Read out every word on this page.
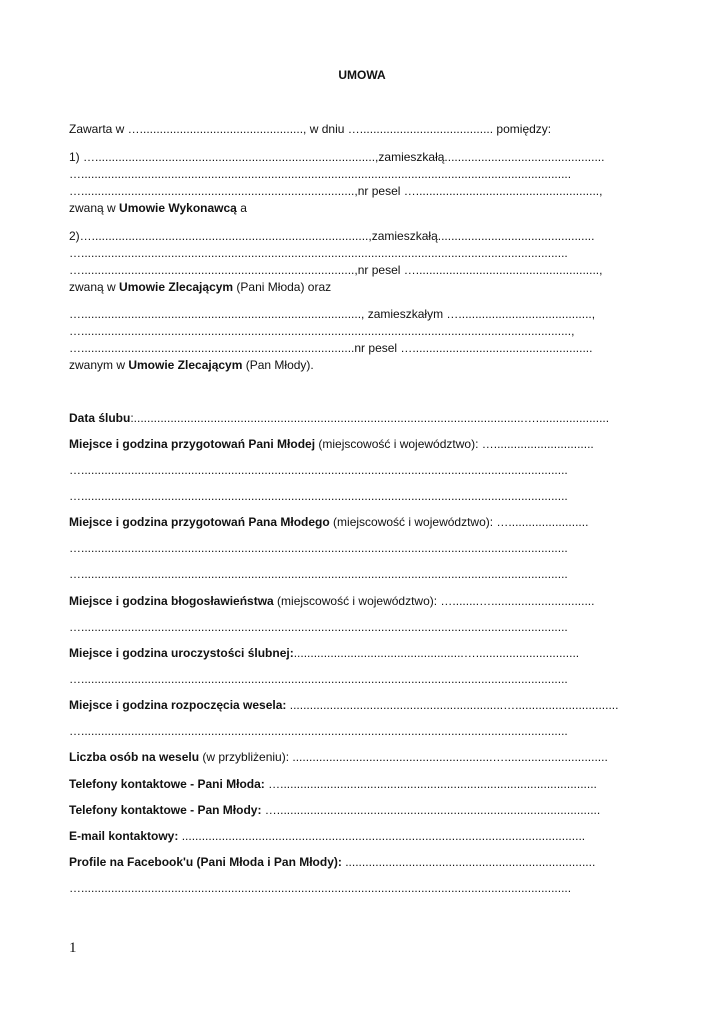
UMOWA
Zawarta w …................................................., w dniu …........................................ pomiędzy:
1) …....................................................................................,zamieszkałą................................................
…...................................................................................................................................................
…..................................................................................,nr pesel ….......................................................,
zwaną w Umowie Wykonawcą a
2)…...................................................................................,zamieszkałą...............................................
…..................................................................................................................................................
…..................................................................................,nr pesel ….......................................................,
zwaną w Umowie Zlecającym (Pani Młoda) oraz
…...................................................................................., zamieszkałym …........................................,
…...................................................................................................................................................,
…..................................................................................nr pesel …......................................................
zwanym w Umowie Zlecającym (Pan Młody).
Data ślubu:.....................................................................................................................…......................
Miejsce i godzina przygotowań Pani Młodej (miejscowość i województwo): …..............................
…..................................................................................................................................................
…..................................................................................................................................................
Miejsce i godzina przygotowań Pana Młodego (miejscowość i województwo): …........................
…..................................................................................................................................................
…..................................................................................................................................................
Miejsce i godzina błogosławieństwa (miejscowość i województwo): …........…...............................
…..................................................................................................................................................
Miejsce i godzina uroczystości ślubnej:...................................................…...............................
…..................................................................................................................................................
Miejsce i godzina rozpoczęcia wesela: ................................................................…...............................
…..................................................................................................................................................
Liczba osób na weselu (w przybliżeniu): ............................................................…...............................
Telefony kontaktowe - Pani Młoda: …...............................................................................................
Telefony kontaktowe - Pan Młody: ….................................................................................................
E-mail kontaktowy: .........................................................................................................................
Profile na Facebook'u (Pani Młoda i Pan Młody): ...........................................................................
…...................................................................................................................................................
1
